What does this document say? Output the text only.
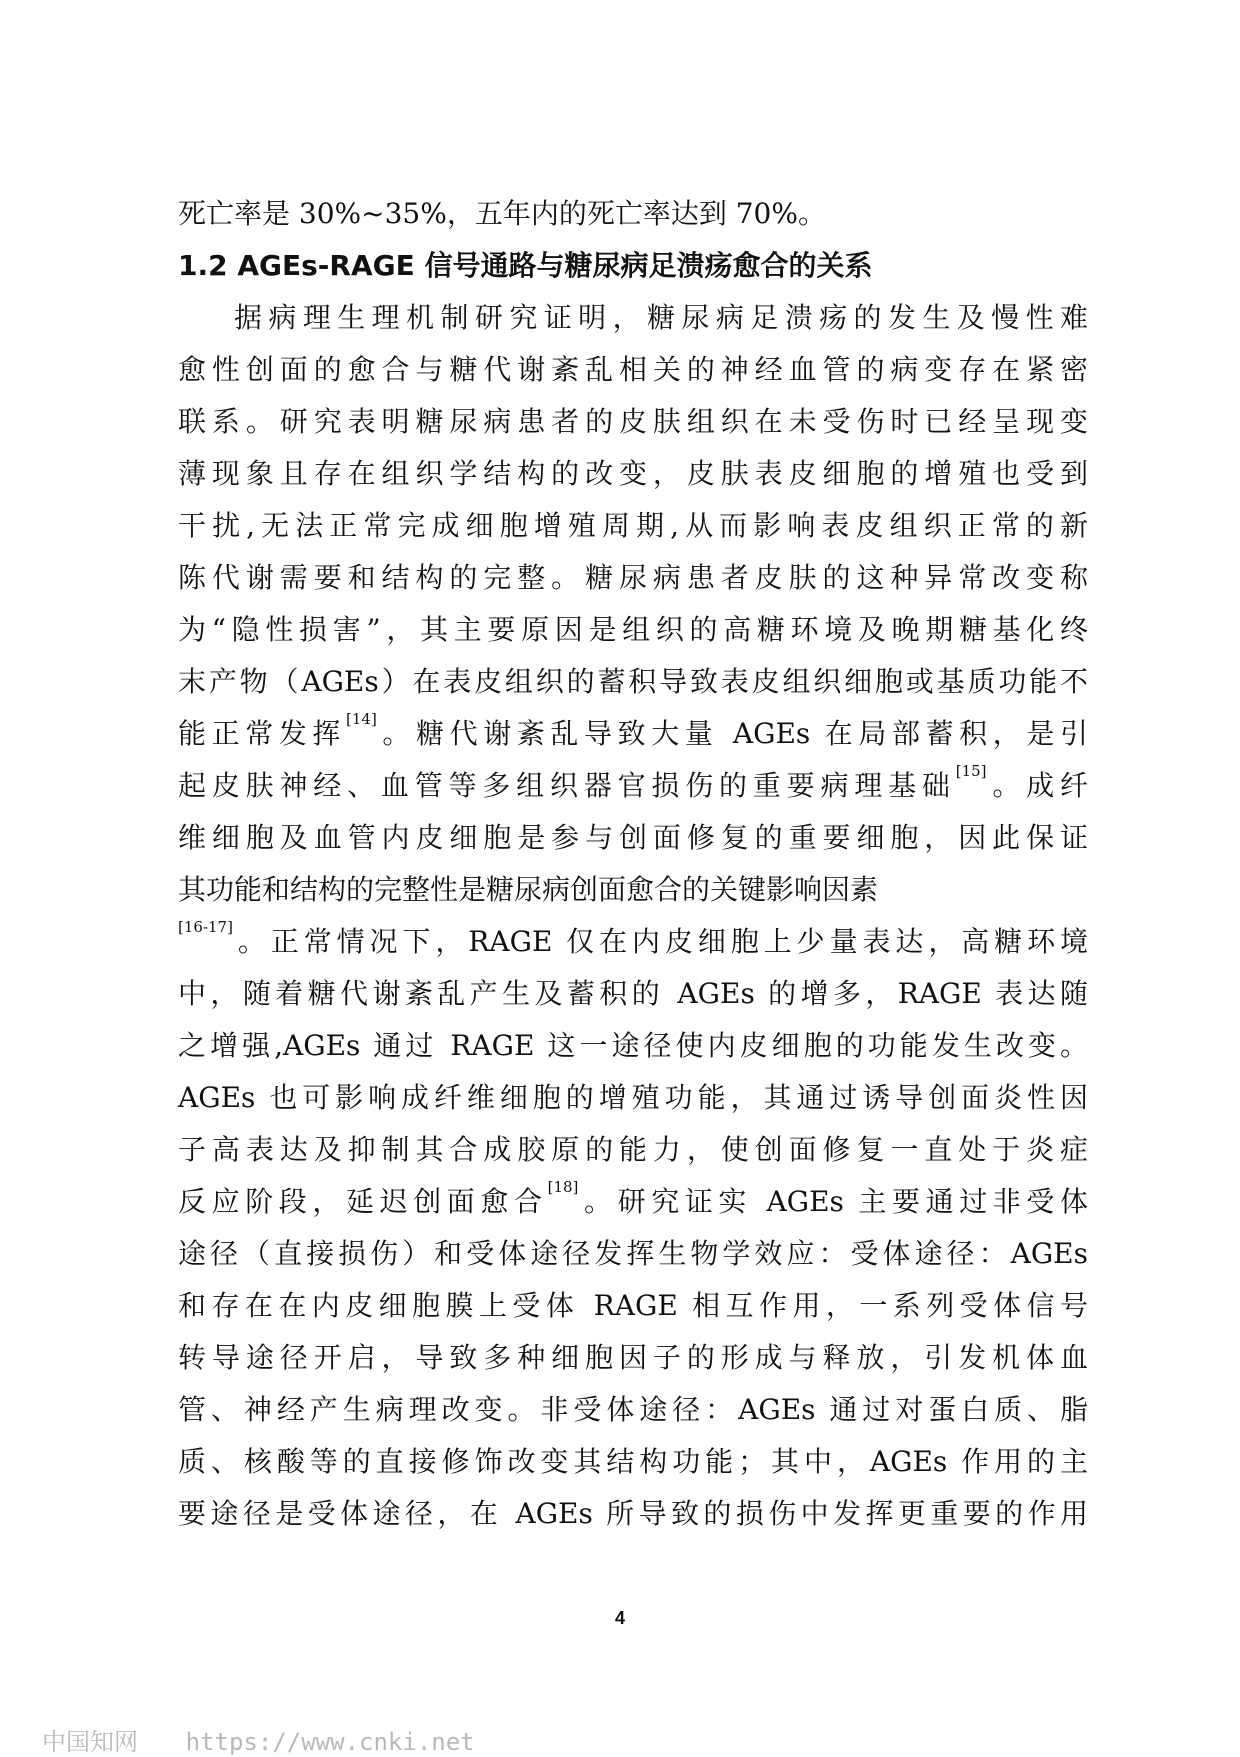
死亡率是 30%~35%，五年内的死亡率达到 70%。
1.2 AGEs-RAGE 信号通路与糖尿病足溃疡愈合的关系
据病理生理机制研究证明，糖尿病足溃疡的发生及慢性难
愈性创面的愈合与糖代谢紊乱相关的神经血管的病变存在紧密
联系。研究表明糖尿病患者的皮肤组织在未受伤时已经呈现变
薄现象且存在组织学结构的改变，皮肤表皮细胞的增殖也受到
干扰,无法正常完成细胞增殖周期,从而影响表皮组织正常的新
陈代谢需要和结构的完整。糖尿病患者皮肤的这种异常改变称
为“隐性损害”，其主要原因是组织的高糖环境及晚期糖基化终
末产物（AGEs）在表皮组织的蓄积导致表皮组织细胞或基质功能不
能正常发挥[14]。糖代谢紊乱导致大量 AGEs 在局部蓄积，是引
起皮肤神经、血管等多组织器官损伤的重要病理基础[15]。成纤
维细胞及血管内皮细胞是参与创面修复的重要细胞，因此保证
其功能和结构的完整性是糖尿病创面愈合的关键影响因素
[16-17]。正常情况下，RAGE 仅在内皮细胞上少量表达，高糖环境
中，随着糖代谢紊乱产生及蓄积的 AGEs 的增多，RAGE 表达随
之增强,AGEs 通过 RAGE 这一途径使内皮细胞的功能发生改变。
AGEs 也可影响成纤维细胞的增殖功能，其通过诱导创面炎性因
子高表达及抑制其合成胶原的能力，使创面修复一直处于炎症
反应阶段，延迟创面愈合[18]。研究证实 AGEs 主要通过非受体
途径（直接损伤）和受体途径发挥生物学效应：受体途径：AGEs
和存在在内皮细胞膜上受体 RAGE 相互作用，一系列受体信号
转导途径开启，导致多种细胞因子的形成与释放，引发机体血
管、神经产生病理改变。非受体途径：AGEs 通过对蛋白质、脂
质、核酸等的直接修饰改变其结构功能；其中，AGEs 作用的主
要途径是受体途径，在 AGEs 所导致的损伤中发挥更重要的作用
4
中国知网 https://www.cnki.net
